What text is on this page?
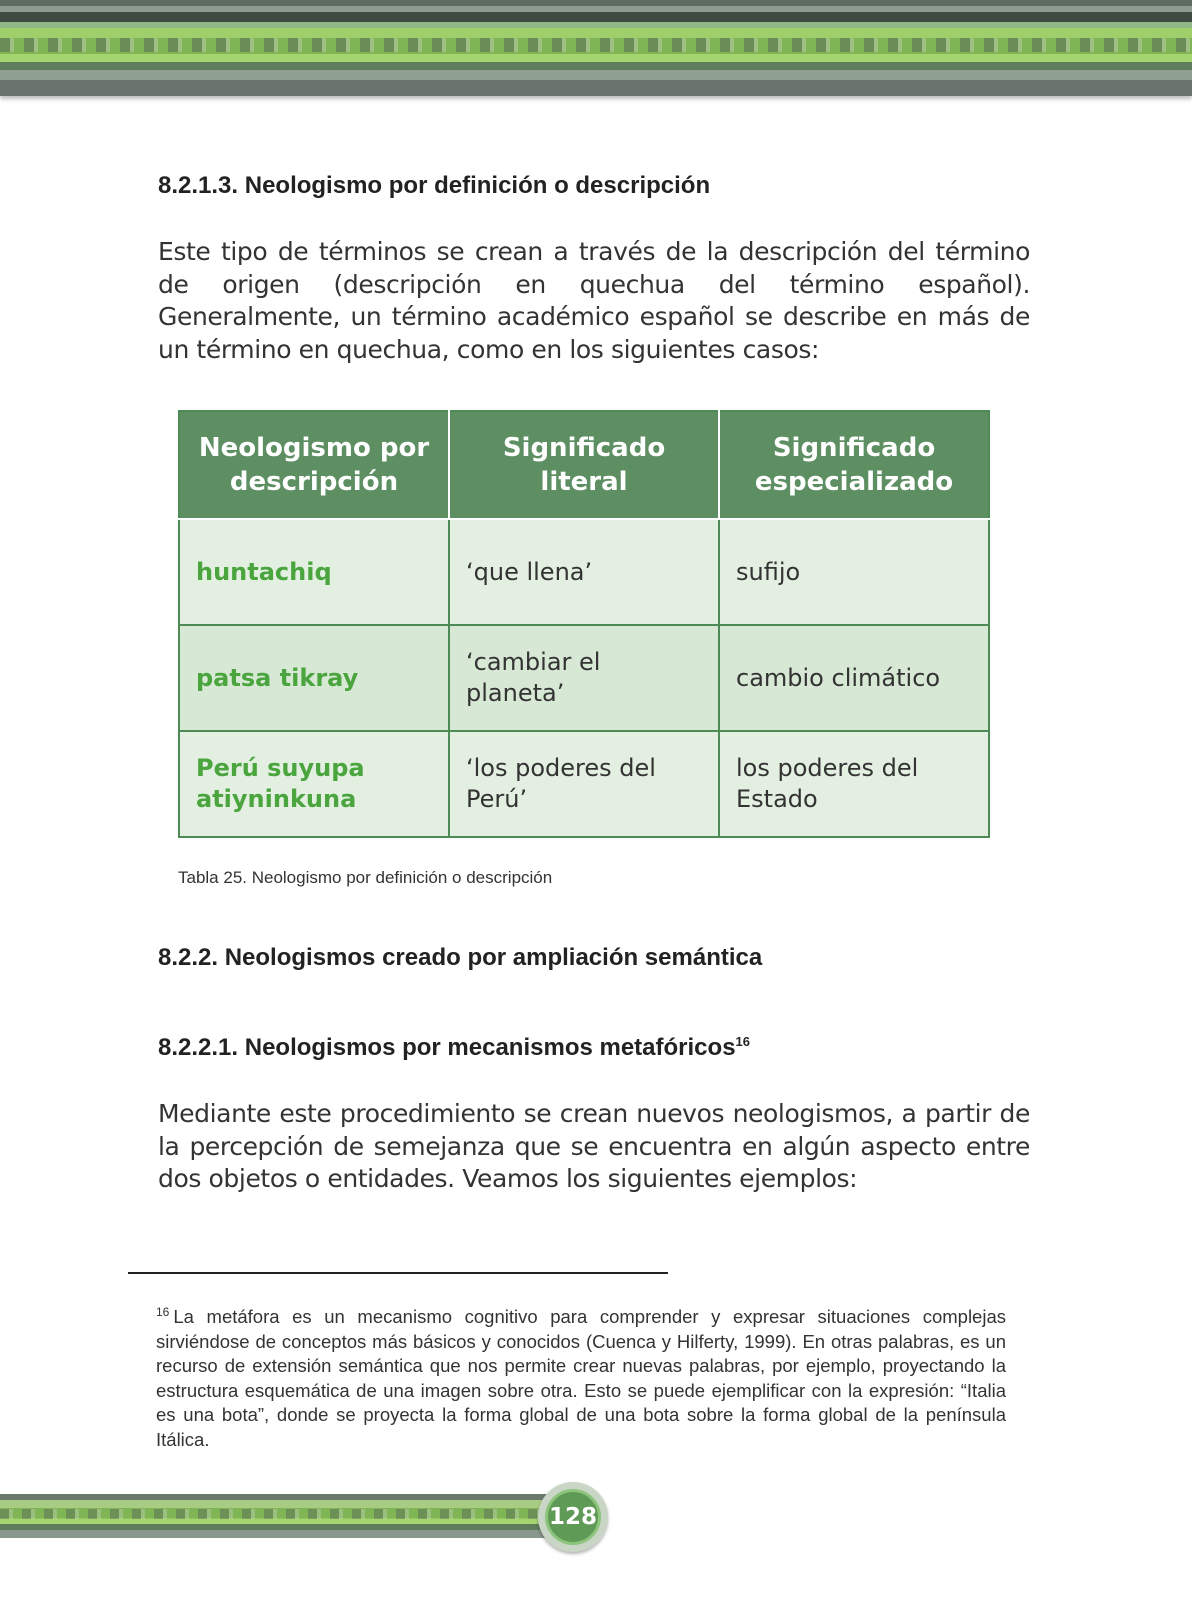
8.2.1.3. Neologismo por definición o descripción

Este tipo de términos se crean a través de la descripción del término de origen (descripción en quechua del término español). Generalmente, un término académico español se describe en más de un término en quechua, como en los siguientes casos:

Neologismo por descripción	Significado literal	Significado especializado
huntachiq	‘que llena’	sufijo
patsa tikray	‘cambiar el planeta’	cambio climático
Perú suyupa atiyninkuna	‘los poderes del Perú’	los poderes del Estado
Tabla 25. Neologismo por definición o descripción
8.2.2. Neologismos creado por ampliación semántica
8.2.2.1. Neologismos por mecanismos metafóricos$^{16}$

Mediante este procedimiento se crean nuevos neologismos, a partir de la percepción de semejanza que se encuentra en algún aspecto entre dos objetos o entidades. Veamos los siguientes ejemplos:

$^{16}$ La metáfora es un mecanismo cognitivo para comprender y expresar situaciones complejas sirviéndose de conceptos más básicos y conocidos (Cuenca y Hilferty, 1999). En otras palabras, es un recurso de extensión semántica que nos permite crear nuevas palabras, por ejemplo, proyectando la estructura esquemática de una imagen sobre otra. Esto se puede ejemplificar con la expresión: “Italia es una bota”, donde se proyecta la forma global de una bota sobre la forma global de la península Itálica.
128
